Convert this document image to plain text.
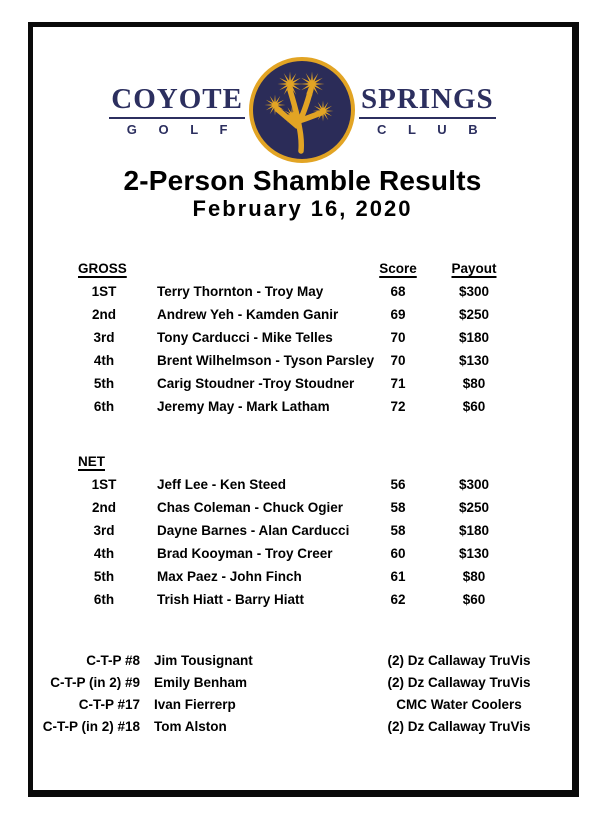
COYOTE
G O L F
SPRINGS
C L U B
2-Person Shamble Results
February 16, 2020
GROSS	Score	Payout
1ST	Terry Thornton - Troy May	68	$300
2nd	Andrew Yeh - Kamden Ganir	69	$250
3rd	Tony Carducci - Mike Telles	70	$180
4th	Brent Wilhelmson - Tyson Parsley	70	$130
5th	Carig Stoudner -Troy Stoudner	71	$80
6th	Jeremy May - Mark Latham	72	$60
NET
1ST	Jeff Lee - Ken Steed	56	$300
2nd	Chas Coleman - Chuck Ogier	58	$250
3rd	Dayne Barnes - Alan Carducci	58	$180
4th	Brad Kooyman - Troy Creer	60	$130
5th	Max Paez - John Finch	61	$80
6th	Trish Hiatt - Barry Hiatt	62	$60
C-T-P #8 Jim Tousignant	(2) Dz Callaway TruVis
C-T-P (in 2) #9 Emily Benham	(2) Dz Callaway TruVis
C-T-P #17 Ivan Fierrerp	CMC Water Coolers
C-T-P (in 2) #18 Tom Alston	(2) Dz Callaway TruVis
